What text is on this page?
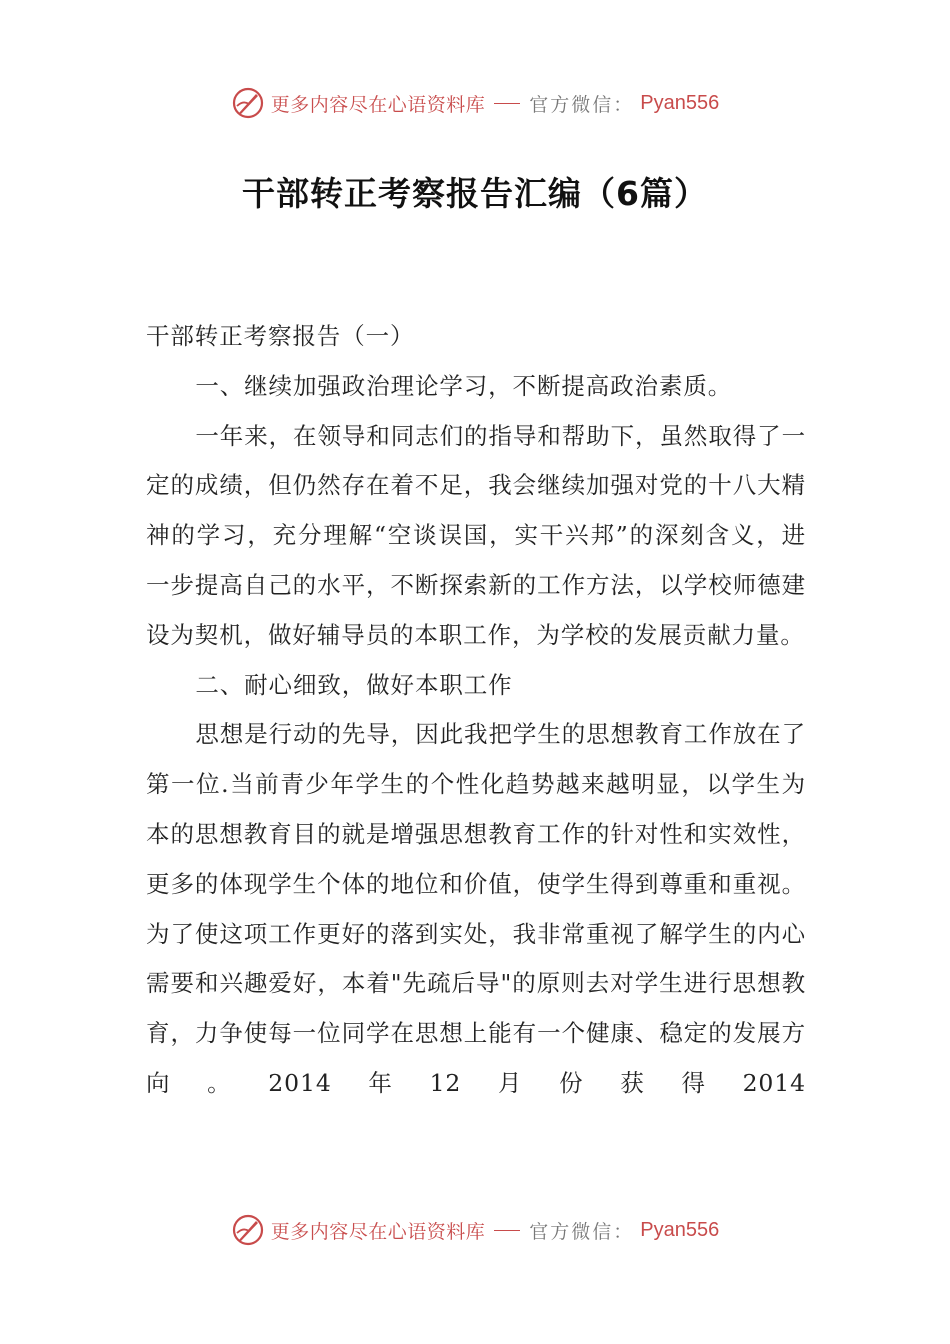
更多内容尽在心语资料库 官方微信： Pyan556
干部转正考察报告汇编（6篇）

干部转正考察报告（一）

一、继续加强政治理论学习，不断提高政治素质。

一年来，在领导和同志们的指导和帮助下，虽然取得了一定的成绩，但仍然存在着不足，我会继续加强对党的十八大精神的学习，充分理解“空谈误国，实干兴邦”的深刻含义，进一步提高自己的水平，不断探索新的工作方法，以学校师德建设为契机，做好辅导员的本职工作，为学校的发展贡献力量。

二、耐心细致，做好本职工作

思想是行动的先导，因此我把学生的思想教育工作放在了第一位.当前青少年学生的个性化趋势越来越明显，以学生为本的思想教育目的就是增强思想教育工作的针对性和实效性，更多的体现学生个体的地位和价值，使学生得到尊重和重视。为了使这项工作更好的落到实处，我非常重视了解学生的内心需要和兴趣爱好，本着"先疏后导"的原则去对学生进行思想教育，力争使每一位同学在思想上能有一个健康、稳定的发展方向。2014年12月份获得2014

更多内容尽在心语资料库 官方微信： Pyan556
